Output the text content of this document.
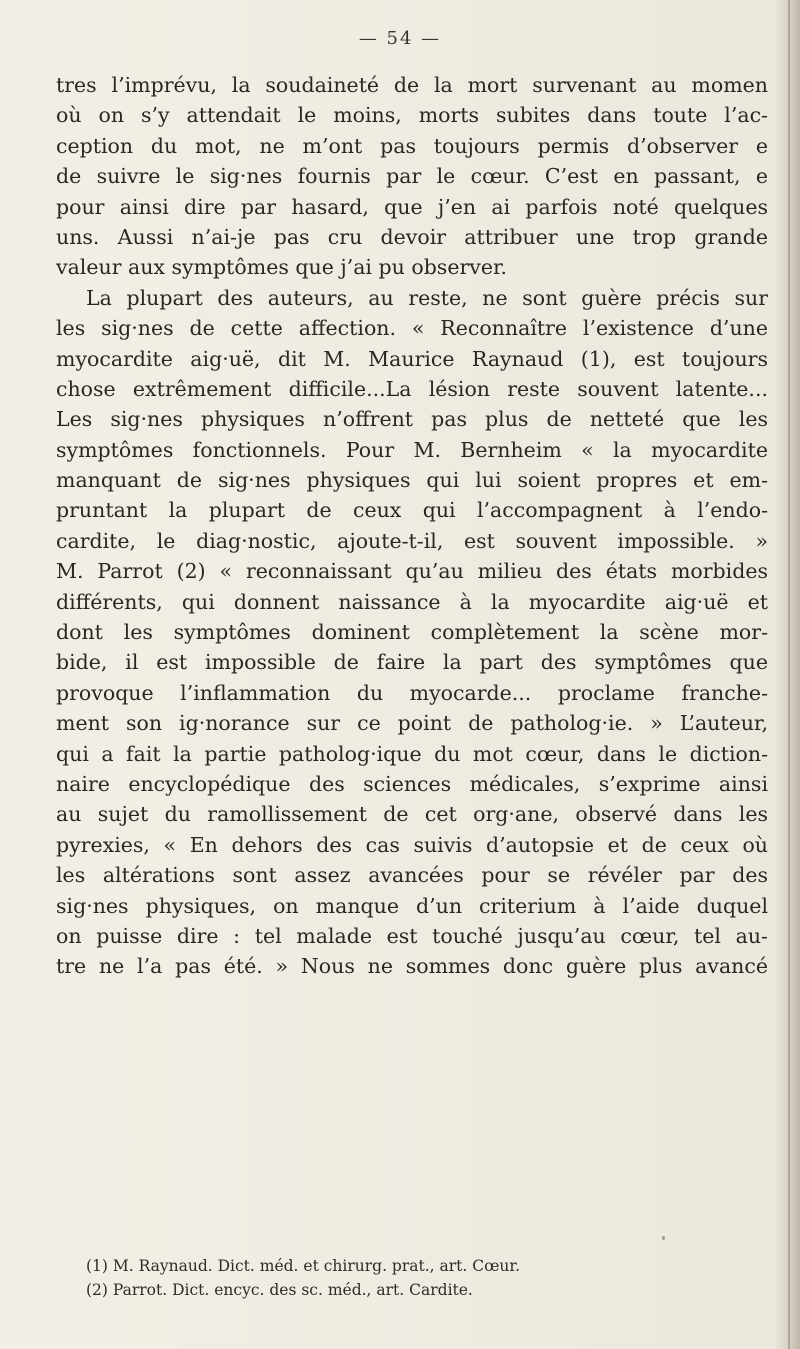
— 54 —
tres l’imprévu, la soudaineté de la mort survenant au momen
où on s’y attendait le moins, morts subites dans toute l’ac-
ception du mot, ne m’ont pas toujours permis d’observer e
de suivre le sig·nes fournis par le cœur. C’est en passant, e
pour ainsi dire par hasard, que j’en ai parfois noté quelques
uns. Aussi n’ai-je pas cru devoir attribuer une trop grande
valeur aux symptômes que j’ai pu observer.
La plupart des auteurs, au reste, ne sont guère précis sur
les sig·nes de cette affection. « Reconnaître l’existence d’une
myocardite aig·uë, dit M. Maurice Raynaud (1), est toujours
chose extrêmement difficile...La lésion reste souvent latente...
Les sig·nes physiques n’offrent pas plus de netteté que les
symptômes fonctionnels. Pour M. Bernheim « la myocardite
manquant de sig·nes physiques qui lui soient propres et em-
pruntant la plupart de ceux qui l’accompagnent à l’endo-
cardite, le diag·nostic, ajoute-t-il, est souvent impossible. »
M. Parrot (2) « reconnaissant qu’au milieu des états morbides
différents, qui donnent naissance à la myocardite aig·uë et
dont les symptômes dominent complètement la scène mor-
bide, il est impossible de faire la part des symptômes que
provoque l’inflammation du myocarde... proclame franche-
ment son ig·norance sur ce point de patholog·ie. » L’auteur,
qui a fait la partie patholog·ique du mot cœur, dans le diction-
naire encyclopédique des sciences médicales, s’exprime ainsi
au sujet du ramollissement de cet org·ane, observé dans les
pyrexies, « En dehors des cas suivis d’autopsie et de ceux où
les altérations sont assez avancées pour se révéler par des
sig·nes physiques, on manque d’un criterium à l’aide duquel
on puisse dire : tel malade est touché jusqu’au cœur, tel au-
tre ne l’a pas été. » Nous ne sommes donc guère plus avancé
(1) M. Raynaud. Dict. méd. et chirurg. prat., art. Cœur.
(2) Parrot. Dict. encyc. des sc. méd., art. Cardite.
